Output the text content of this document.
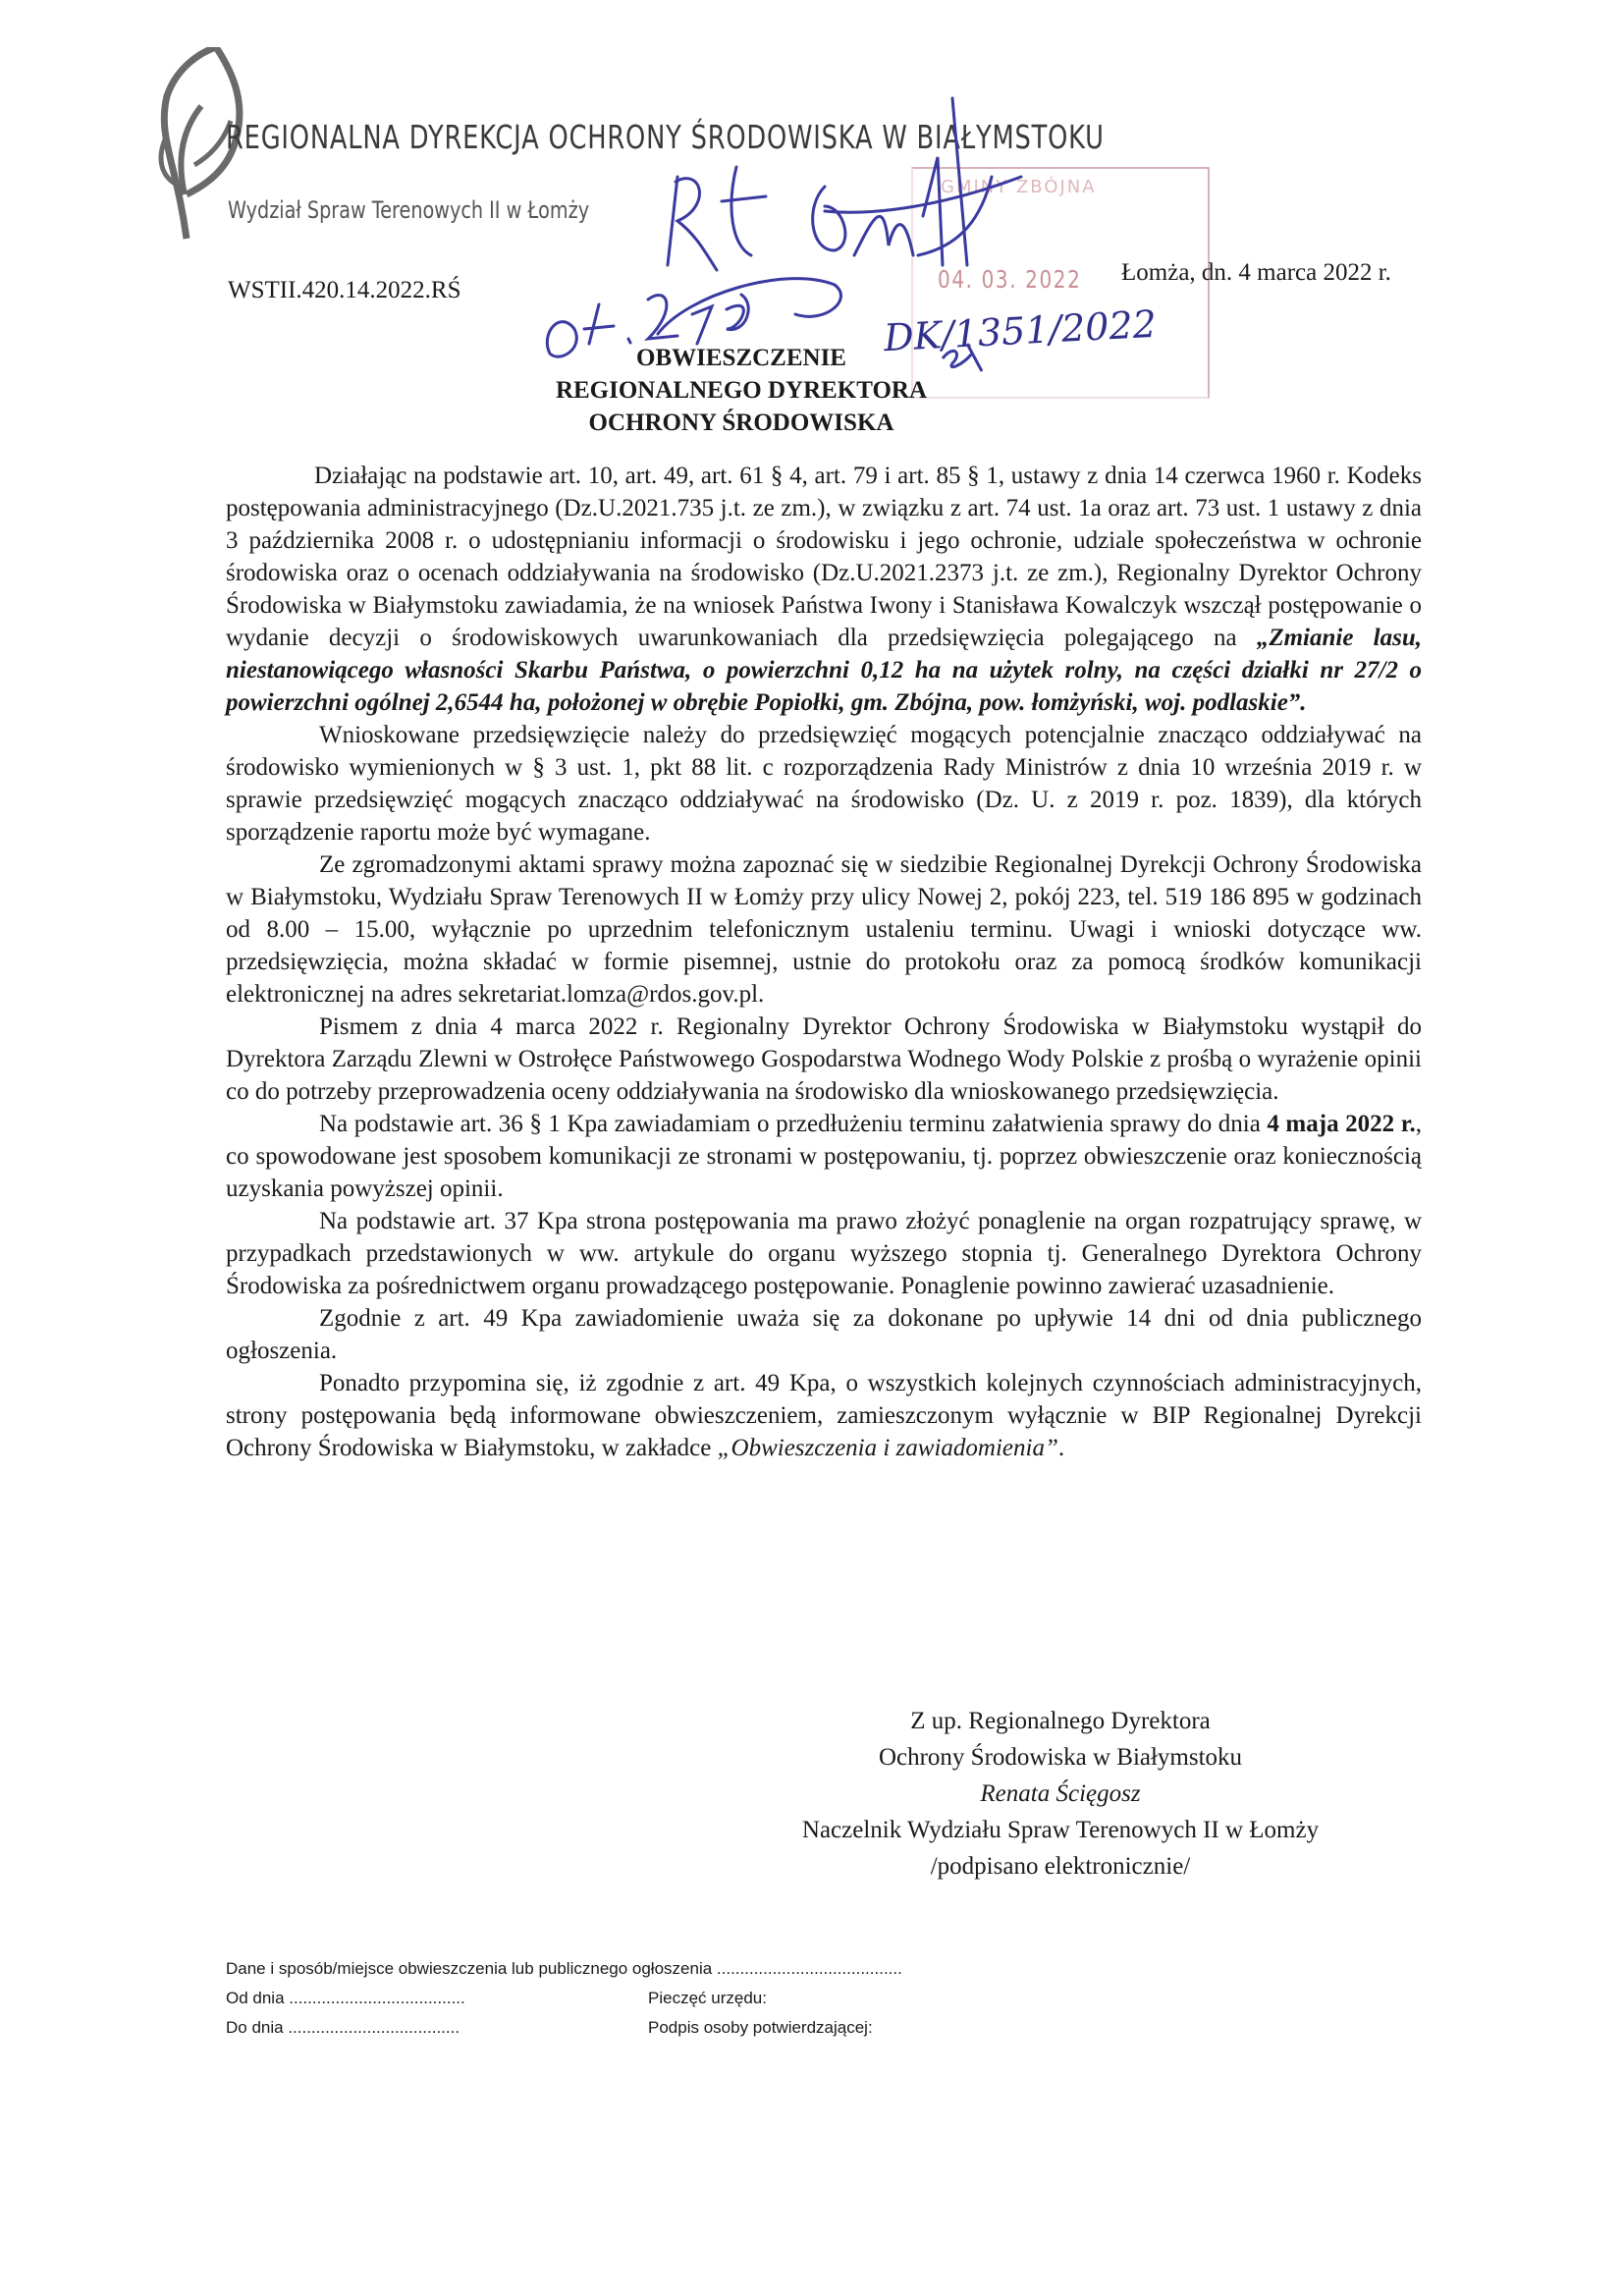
REGIONALNA DYREKCJA OCHRONY ŚRODOWISKA W BIAŁYMSTOKU
Wydział Spraw Terenowych II w Łomży
WSTII.420.14.2022.RŚ
GMINY ZBÓJNA
04. 03. 2022
DK/1351/2022
Łomża, dn. 4 marca 2022 r.
OBWIESZCZENIE
REGIONALNEGO DYREKTORA
OCHRONY ŚRODOWISKA

Działając na podstawie art. 10, art. 49, art. 61 § 4, art. 79 i art. 85 § 1, ustawy z dnia 14 czerwca 1960 r. Kodeks postępowania administracyjnego (Dz.U.2021.735 j.t. ze zm.), w związku z art. 74 ust. 1a oraz art. 73 ust. 1 ustawy z dnia 3 października 2008 r. o udostępnianiu informacji o środowisku i jego ochronie, udziale społeczeństwa w ochronie środowiska oraz o ocenach oddziaływania na środowisko (Dz.U.2021.2373 j.t. ze zm.), Regionalny Dyrektor Ochrony Środowiska w Białymstoku zawiadamia, że na wniosek Państwa Iwony i Stanisława Kowalczyk wszczął postępowanie o wydanie decyzji o środowiskowych uwarunkowaniach dla przedsięwzięcia polegającego na „Zmianie lasu, niestanowiącego własności Skarbu Państwa, o powierzchni 0,12 ha na użytek rolny, na części działki nr 27/2 o powierzchni ogólnej 2,6544 ha, położonej w obrębie Popiołki, gm. Zbójna, pow. łomżyński, woj. podlaskie”.

Wnioskowane przedsięwzięcie należy do przedsięwzięć mogących potencjalnie znacząco oddziaływać na środowisko wymienionych w § 3 ust. 1, pkt 88 lit. c rozporządzenia Rady Ministrów z dnia 10 września 2019 r. w sprawie przedsięwzięć mogących znacząco oddziaływać na środowisko (Dz. U. z 2019 r. poz. 1839), dla których sporządzenie raportu może być wymagane.

Ze zgromadzonymi aktami sprawy można zapoznać się w siedzibie Regionalnej Dyrekcji Ochrony Środowiska w Białymstoku, Wydziału Spraw Terenowych II w Łomży przy ulicy Nowej 2, pokój 223, tel. 519 186 895 w godzinach od 8.00 – 15.00, wyłącznie po uprzednim telefonicznym ustaleniu terminu. Uwagi i wnioski dotyczące ww. przedsięwzięcia, można składać w formie pisemnej, ustnie do protokołu oraz za pomocą środków komunikacji elektronicznej na adres sekretariat.lomza@rdos.gov.pl.

Pismem z dnia 4 marca 2022 r. Regionalny Dyrektor Ochrony Środowiska w Białymstoku wystąpił do Dyrektora Zarządu Zlewni w Ostrołęce Państwowego Gospodarstwa Wodnego Wody Polskie z prośbą o wyrażenie opinii co do potrzeby przeprowadzenia oceny oddziaływania na środowisko dla wnioskowanego przedsięwzięcia.

Na podstawie art. 36 § 1 Kpa zawiadamiam o przedłużeniu terminu załatwienia sprawy do dnia 4 maja 2022 r., co spowodowane jest sposobem komunikacji ze stronami w postępowaniu, tj. poprzez obwieszczenie oraz koniecznością uzyskania powyższej opinii.

Na podstawie art. 37 Kpa strona postępowania ma prawo złożyć ponaglenie na organ rozpatrujący sprawę, w przypadkach przedstawionych w ww. artykule do organu wyższego stopnia tj. Generalnego Dyrektora Ochrony Środowiska za pośrednictwem organu prowadzącego postępowanie. Ponaglenie powinno zawierać uzasadnienie.

Zgodnie z art. 49 Kpa zawiadomienie uważa się za dokonane po upływie 14 dni od dnia publicznego ogłoszenia.

Ponadto przypomina się, iż zgodnie z art. 49 Kpa, o wszystkich kolejnych czynnościach administracyjnych, strony postępowania będą informowane obwieszczeniem, zamieszczonym wyłącznie w BIP Regionalnej Dyrekcji Ochrony Środowiska w Białymstoku, w zakładce „Obwieszczenia i zawiadomienia”.

Z up. Regionalnego Dyrektora
Ochrony Środowiska w Białymstoku
Renata Ścięgosz
Naczelnik Wydziału Spraw Terenowych II w Łomży
/podpisano elektronicznie/
Dane i sposób/miejsce obwieszczenia lub publicznego ogłoszenia ........................................
Od dnia ......................................	Pieczęć urzędu:
Do dnia .....................................	Podpis osoby potwierdzającej:
